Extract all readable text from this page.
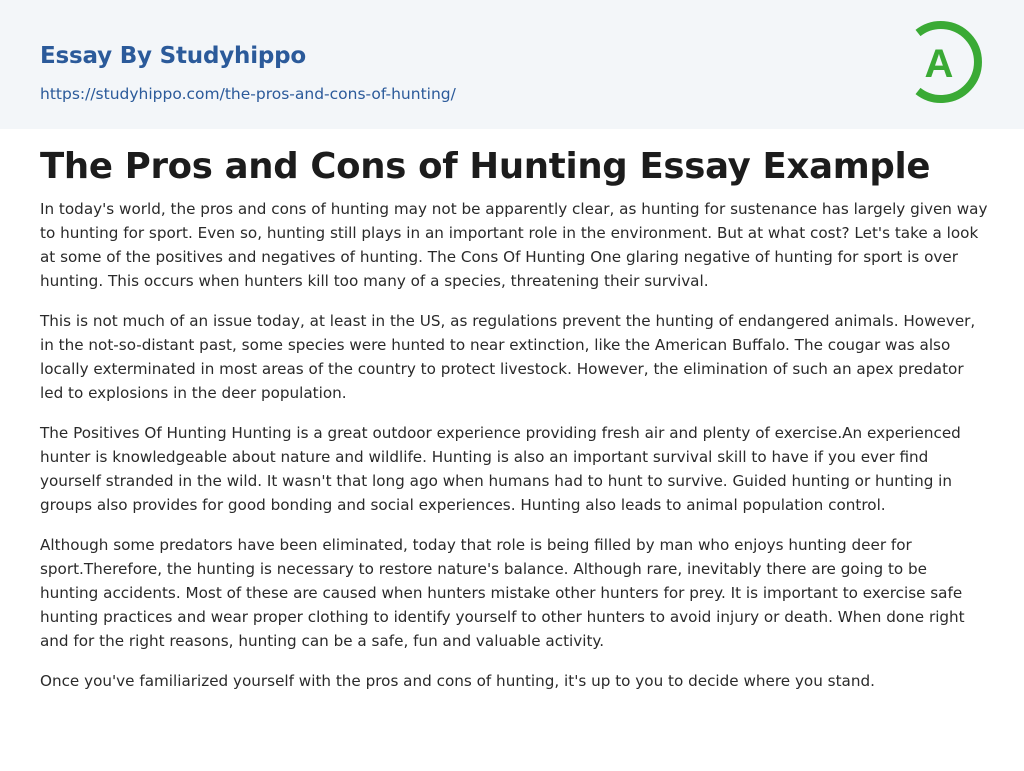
Essay By Studyhippo
https://studyhippo.com/the-pros-and-cons-of-hunting/
A
The Pros and Cons of Hunting Essay Example

In today's world, the pros and cons of hunting may not be apparently clear, as hunting for sustenance has largely given way to hunting for sport. Even so, hunting still plays in an important role in the environment. But at what cost? Let's take a look at some of the positives and negatives of hunting. The Cons Of Hunting One glaring negative of hunting for sport is over hunting. This occurs when hunters kill too many of a species, threatening their survival.

This is not much of an issue today, at least in the US, as regulations prevent the hunting of endangered animals. However, in the not-so-distant past, some species were hunted to near extinction, like the American Buffalo. The cougar was also locally exterminated in most areas of the country to protect livestock. However, the elimination of such an apex predator led to explosions in the deer population.

The Positives Of Hunting Hunting is a great outdoor experience providing fresh air and plenty of exercise.An experienced hunter is knowledgeable about nature and wildlife. Hunting is also an important survival skill to have if you ever find yourself stranded in the wild. It wasn't that long ago when humans had to hunt to survive. Guided hunting or hunting in groups also provides for good bonding and social experiences. Hunting also leads to animal population control.

Although some predators have been eliminated, today that role is being filled by man who enjoys hunting deer for sport.Therefore, the hunting is necessary to restore nature's balance. Although rare, inevitably there are going to be hunting accidents. Most of these are caused when hunters mistake other hunters for prey. It is important to exercise safe hunting practices and wear proper clothing to identify yourself to other hunters to avoid injury or death. When done right and for the right reasons, hunting can be a safe, fun and valuable activity.

Once you've familiarized yourself with the pros and cons of hunting, it's up to you to decide where you stand.
